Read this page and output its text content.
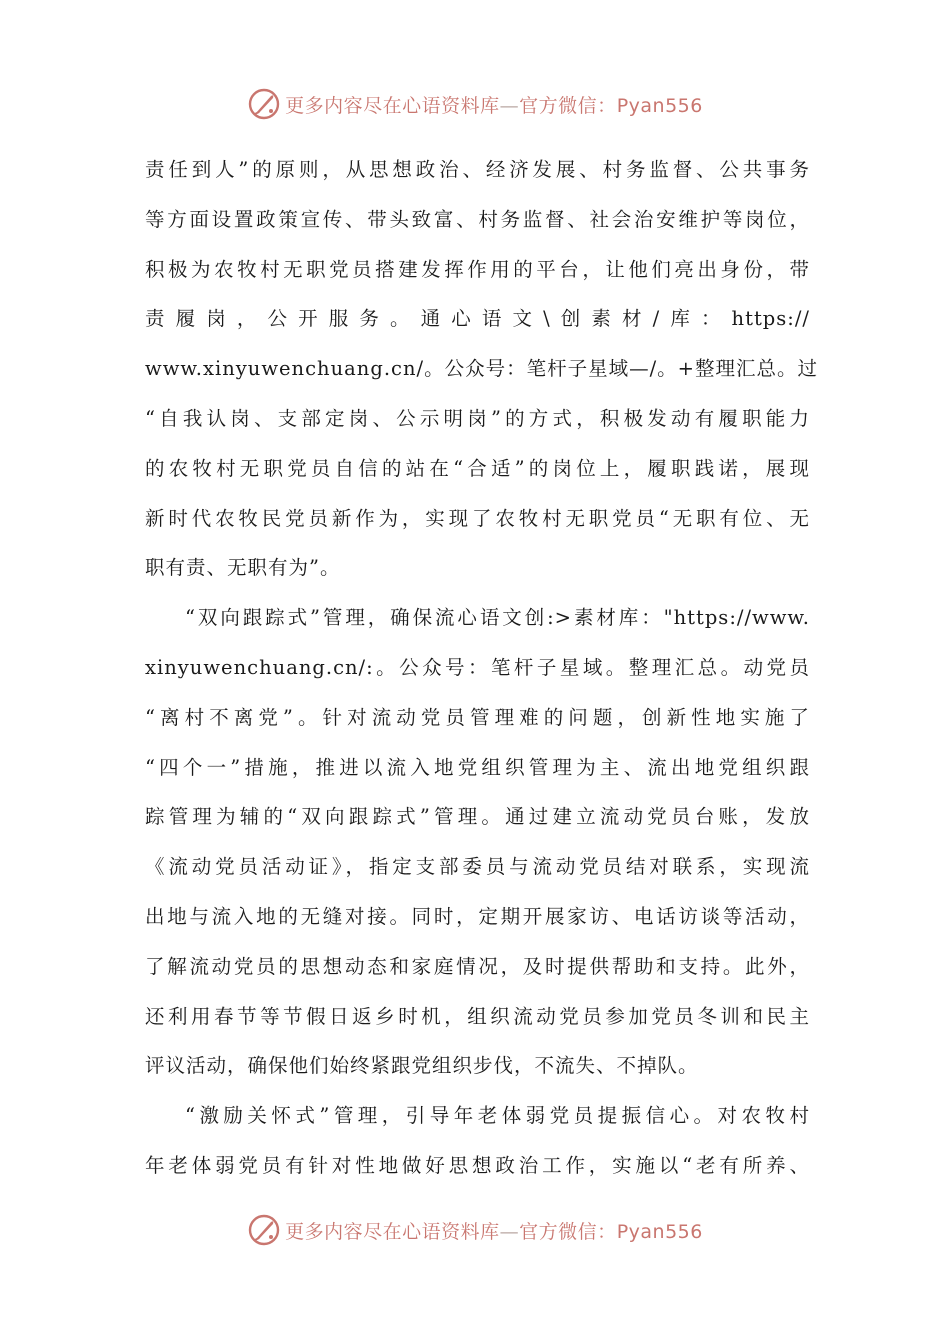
更多内容尽在心语资料库—官方微信：Pyan556
责任到人”的原则，从思想政治、经济发展、村务监督、公共事务
等方面设置政策宣传、带头致富、村务监督、社会治安维护等岗位，
积极为农牧村无职党员搭建发挥作用的平台，让他们亮出身份，带
责履岗，公开服务。通心语文\创素材/库：https://
www.xinyuwenchuang.cn/。公众号：笔杆子星域—/。+整理汇总。过
“自我认岗、支部定岗、公示明岗”的方式，积极发动有履职能力
的农牧村无职党员自信的站在“合适”的岗位上，履职践诺，展现
新时代农牧民党员新作为，实现了农牧村无职党员“无职有位、无
职有责、无职有为”。
“双向跟踪式”管理，确保流心语文创:>素材库："https://www.
xinyuwenchuang.cn/:。公众号：笔杆子星域。整理汇总。动党员
“离村不离党”。针对流动党员管理难的问题，创新性地实施了
“四个一”措施，推进以流入地党组织管理为主、流出地党组织跟
踪管理为辅的“双向跟踪式”管理。通过建立流动党员台账，发放
《流动党员活动证》，指定支部委员与流动党员结对联系，实现流
出地与流入地的无缝对接。同时，定期开展家访、电话访谈等活动，
了解流动党员的思想动态和家庭情况，及时提供帮助和支持。此外，
还利用春节等节假日返乡时机，组织流动党员参加党员冬训和民主
评议活动，确保他们始终紧跟党组织步伐，不流失、不掉队。
“激励关怀式”管理，引导年老体弱党员提振信心。对农牧村
年老体弱党员有针对性地做好思想政治工作，实施以“老有所养、
更多内容尽在心语资料库—官方微信：Pyan556
